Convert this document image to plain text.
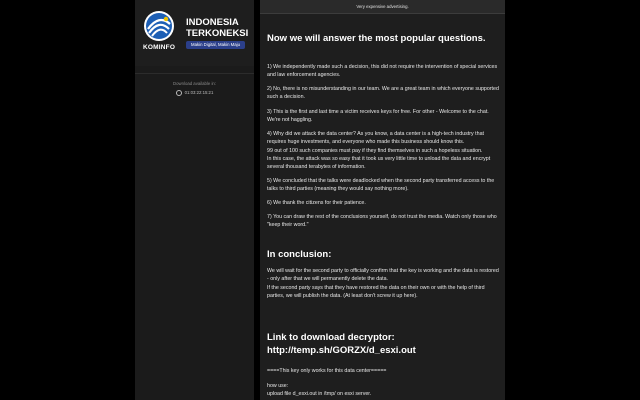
KOMINFO
INDONESIA
TERKONEKSI
Makin Digital, Makin Maju
Download available in:
01:03:22:15:21
Very expensive advertising.
Now we will answer the most popular questions.

1) We independently made such a decision, this did not require the intervention of special services and law enforcement agencies.

2) No, there is no misunderstanding in our team. We are a great team in which everyone supported such a decision.

3) This is the first and last time a victim receives keys for free. For other - Welcome to the chat. We're not haggling.

4) Why did we attack the data center? As you know, a data center is a high-tech industry that requires huge investments, and everyone who made this business should know this.
99 out of 100 such companies must pay if they find themselves in such a hopeless situation.
In this case, the attack was so easy that it took us very little time to unload the data and encrypt several thousand terabytes of information.

5) We concluded that the talks were deadlocked when the second party transferred access to the talks to third parties (meaning they would say nothing more).

6) We thank the citizens for their patience.

7) You can draw the rest of the conclusions yourself, do not trust the media. Watch only those who "keep their word."

In conclusion:

We will wait for the second party to officially confirm that the key is working and the data is restored - only after that we will permanently delete the data.
If the second party says that they have restored the data on their own or with the help of third parties, we will publish the data. (At least don't screw it up here).

Link to download decryptor: http://temp.sh/GORZX/d_esxi.out

====This key only works for this data center=====

how use:

upload file d_esxi.out in /tmp/ on esxi server.
